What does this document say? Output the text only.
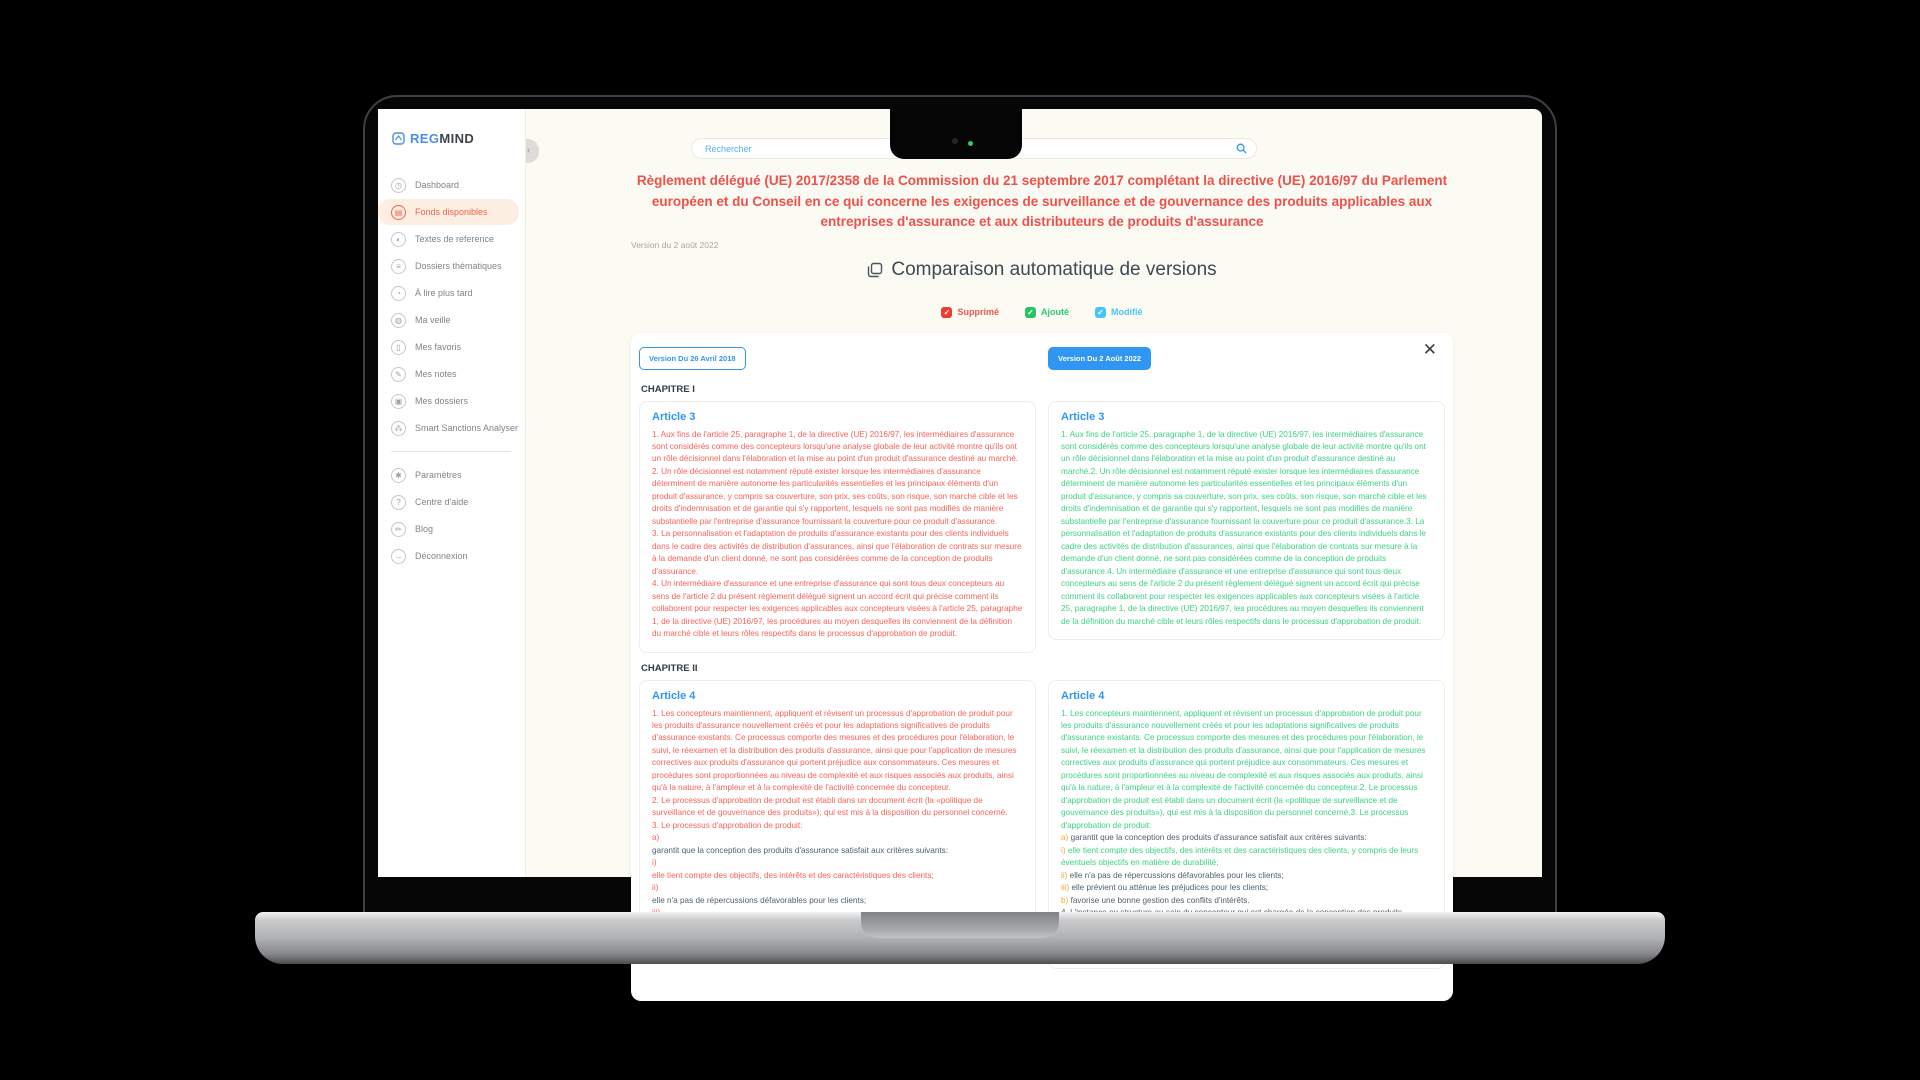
REGMIND
◷	Dashboard
▤	Fonds disponibles
◐	Textes de reference
≡	Dossiers thématiques
◔	À lire plus tard
◍	Ma veille
▯	Mes favoris
✎	Mes notes
▣	Mes dossiers
⁂	Smart Sanctions Analyser
✱	Paramètres
?	Centre d'aide
✏	Blog
→	Déconnexion
‹
Rechercher
Règlement délégué (UE) 2017/2358 de la Commission du 21 septembre 2017 complétant la directive (UE) 2016/97 du Parlement européen et du Conseil en ce qui concerne les exigences de surveillance et de gouvernance des produits applicables aux entreprises d'assurance et aux distributeurs de produits d'assurance
Version du 2 août 2022
Comparaison automatique de versions
✓ Supprimé	✓ Ajouté	✓ Modifié
✕
Version Du 26 Avril 2018	Version Du 2 Août 2022
CHAPITRE I
Article 3
1. Aux fins de l'article 25, paragraphe 1, de la directive (UE) 2016/97, les intermédiaires d'assurance sont considérés comme des concepteurs lorsqu'une analyse globale de leur activité montre qu'ils ont un rôle décisionnel dans l'élaboration et la mise au point d'un produit d'assurance destiné au marché.
2. Un rôle décisionnel est notamment réputé exister lorsque les intermédiaires d'assurance déterminent de manière autonome les particularités essentielles et les principaux éléments d'un produit d'assurance, y compris sa couverture, son prix, ses coûts, son risque, son marché cible et les droits d'indemnisation et de garantie qui s'y rapportent, lesquels ne sont pas modifiés de manière substantielle par l'entreprise d'assurance fournissant la couverture pour ce produit d'assurance.
3. La personnalisation et l'adaptation de produits d'assurance existants pour des clients individuels dans le cadre des activités de distribution d'assurances, ainsi que l'élaboration de contrats sur mesure à la demande d'un client donné, ne sont pas considérées comme de la conception de produits d'assurance.
4. Un intermédiaire d'assurance et une entreprise d'assurance qui sont tous deux concepteurs au sens de l'article 2 du présent règlement délégué signent un accord écrit qui précise comment ils collaborent pour respecter les exigences applicables aux concepteurs visées à l'article 25, paragraphe 1, de la directive (UE) 2016/97, les procédures au moyen desquelles ils conviennent de la définition du marché cible et leurs rôles respectifs dans le processus d'approbation de produit.
Article 3
1. Aux fins de l'article 25, paragraphe 1, de la directive (UE) 2016/97, les intermédiaires d'assurance sont considérés comme des concepteurs lorsqu'une analyse globale de leur activité montre qu'ils ont un rôle décisionnel dans l'élaboration et la mise au point d'un produit d'assurance destiné au marché.2. Un rôle décisionnel est notamment réputé exister lorsque les intermédiaires d'assurance déterminent de manière autonome les particularités essentielles et les principaux éléments d'un produit d'assurance, y compris sa couverture, son prix, ses coûts, son risque, son marché cible et les droits d'indemnisation et de garantie qui s'y rapportent, lesquels ne sont pas modifiés de manière substantielle par l'entreprise d'assurance fournissant la couverture pour ce produit d'assurance.3. La personnalisation et l'adaptation de produits d'assurance existants pour des clients individuels dans le cadre des activités de distribution d'assurances, ainsi que l'élaboration de contrats sur mesure à la demande d'un client donné, ne sont pas considérées comme de la conception de produits d'assurance.4. Un intermédiaire d'assurance et une entreprise d'assurance qui sont tous deux concepteurs au sens de l'article 2 du présent règlement délégué signent un accord écrit qui précise comment ils collaborent pour respecter les exigences applicables aux concepteurs visées à l'article 25, paragraphe 1, de la directive (UE) 2016/97, les procédures au moyen desquelles ils conviennent de la définition du marché cible et leurs rôles respectifs dans le processus d'approbation de produit.
CHAPITRE II
Article 4
1. Les concepteurs maintiennent, appliquent et révisent un processus d'approbation de produit pour les produits d'assurance nouvellement créés et pour les adaptations significatives de produits d'assurance existants. Ce processus comporte des mesures et des procédures pour l'élaboration, le suivi, le réexamen et la distribution des produits d'assurance, ainsi que pour l'application de mesures correctives aux produits d'assurance qui portent préjudice aux consommateurs. Ces mesures et procédures sont proportionnées au niveau de complexité et aux risques associés aux produits, ainsi qu'à la nature, à l'ampleur et à la complexité de l'activité concernée du concepteur.
2. Le processus d'approbation de produit est établi dans un document écrit (la «politique de surveillance et de gouvernance des produits»), qui est mis à la disposition du personnel concerné.
3. Le processus d'approbation de produit:
a)
garantit que la conception des produits d'assurance satisfait aux critères suivants:
i)
elle tient compte des objectifs, des intérêts et des caractéristiques des clients;
ii)
elle n'a pas de répercussions défavorables pour les clients;
Article 4
1. Les concepteurs maintiennent, appliquent et révisent un processus d'approbation de produit pour les produits d'assurance nouvellement créés et pour les adaptations significatives de produits d'assurance existants. Ce processus comporte des mesures et des procédures pour l'élaboration, le suivi, le réexamen et la distribution des produits d'assurance, ainsi que pour l'application de mesures correctives aux produits d'assurance qui portent préjudice aux consommateurs. Ces mesures et procédures sont proportionnées au niveau de complexité et aux risques associés aux produits, ainsi qu'à la nature, à l'ampleur et à la complexité de l'activité concernée du concepteur.2. Le processus d'approbation de produit est établi dans un document écrit (la «politique de surveillance et de gouvernance des produits»), qui est mis à la disposition du personnel concerné.3. Le processus d'approbation de produit:
a) garantit que la conception des produits d'assurance satisfait aux critères suivants:
i) elle tient compte des objectifs, des intérêts et des caractéristiques des clients, y compris de leurs éventuels objectifs en matière de durabilité;
ii) elle n'a pas de répercussions défavorables pour les clients;
iii) elle prévient ou atténue les préjudices pour les clients;
b) favorise une bonne gestion des conflits d'intérêts.
